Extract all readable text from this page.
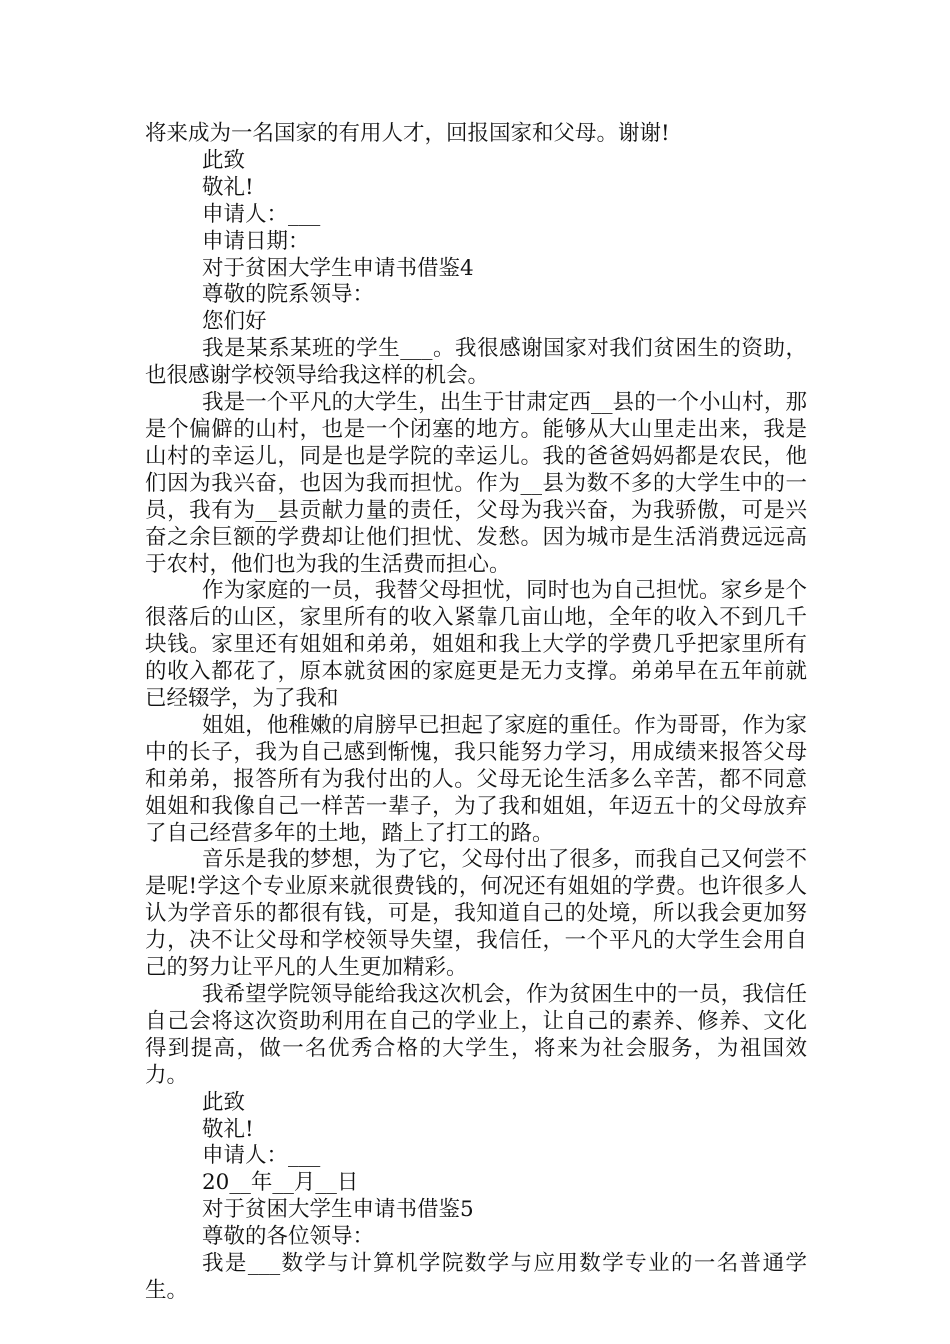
将来成为一名国家的有用人才，回报国家和父母。谢谢!
此致
敬礼!
申请人：___
申请日期：
对于贫困大学生申请书借鉴4
尊敬的院系领导：
您们好

我是某系某班的学生___。我很感谢国家对我们贫困生的资助，也很感谢学校领导给我这样的机会。

我是一个平凡的大学生，出生于甘肃定西__县的一个小山村，那是个偏僻的山村，也是一个闭塞的地方。能够从大山里走出来，我是山村的幸运儿，同是也是学院的幸运儿。我的爸爸妈妈都是农民，他们因为我兴奋，也因为我而担忧。作为__县为数不多的大学生中的一员，我有为__县贡献力量的责任，父母为我兴奋，为我骄傲，可是兴奋之余巨额的学费却让他们担忧、发愁。因为城市是生活消费远远高于农村，他们也为我的生活费而担心。

作为家庭的一员，我替父母担忧，同时也为自己担忧。家乡是个很落后的山区，家里所有的收入紧靠几亩山地，全年的收入不到几千块钱。家里还有姐姐和弟弟，姐姐和我上大学的学费几乎把家里所有的收入都花了，原本就贫困的家庭更是无力支撑。弟弟早在五年前就已经辍学，为了我和

姐姐，他稚嫩的肩膀早已担起了家庭的重任。作为哥哥，作为家中的长子，我为自己感到惭愧，我只能努力学习，用成绩来报答父母和弟弟，报答所有为我付出的人。父母无论生活多么辛苦，都不同意姐姐和我像自己一样苦一辈子，为了我和姐姐，年迈五十的父母放弃了自己经营多年的土地，踏上了打工的路。

音乐是我的梦想，为了它，父母付出了很多，而我自己又何尝不是呢!学这个专业原来就很费钱的，何况还有姐姐的学费。也许很多人认为学音乐的都很有钱，可是，我知道自己的处境，所以我会更加努力，决不让父母和学校领导失望，我信任，一个平凡的大学生会用自己的努力让平凡的人生更加精彩。

我希望学院领导能给我这次机会，作为贫困生中的一员，我信任自己会将这次资助利用在自己的学业上，让自己的素养、修养、文化得到提高，做一名优秀合格的大学生，将来为社会服务，为祖国效力。

此致
敬礼!
申请人：___
20__年__月__日
对于贫困大学生申请书借鉴5
尊敬的各位领导：

我是___数学与计算机学院数学与应用数学专业的一名普通学生。
